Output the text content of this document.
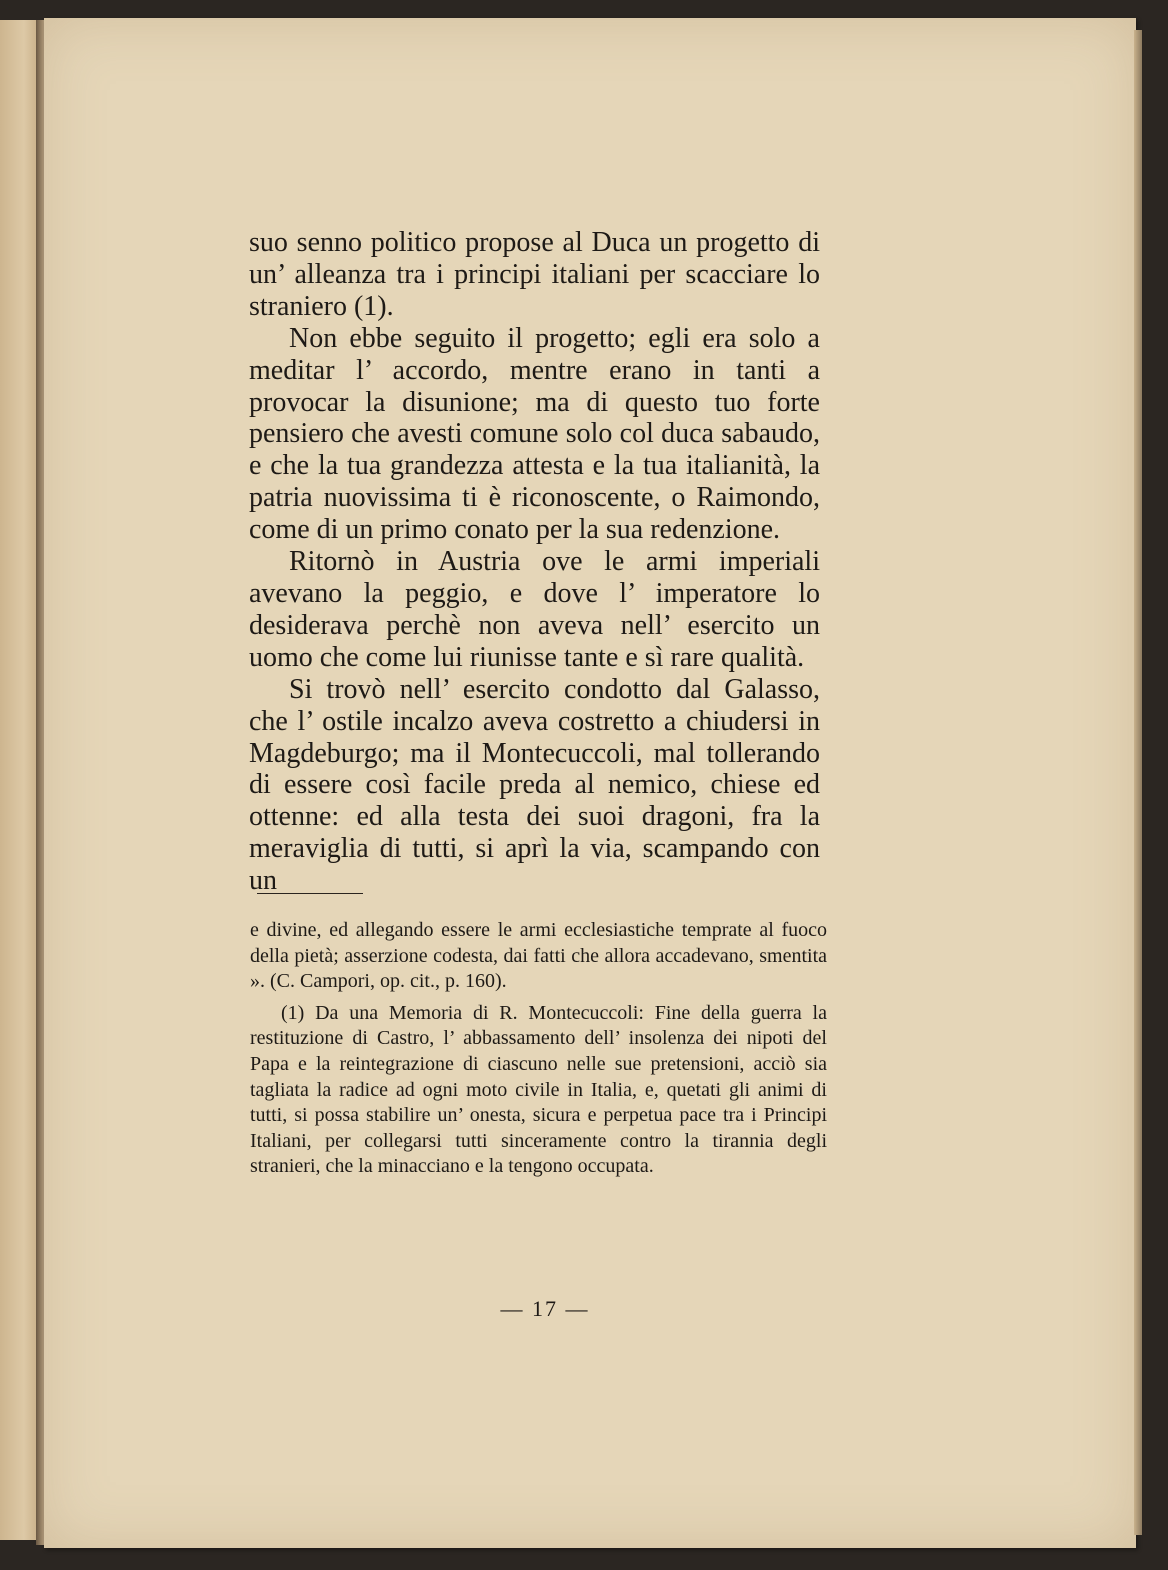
suo senno politico propose al Duca un progetto di un’ alleanza tra i principi italiani per scacciare lo straniero (1).

Non ebbe seguito il progetto; egli era solo a meditar l’ accordo, mentre erano in tanti a provocar la disunione; ma di questo tuo forte pensiero che avesti comune solo col duca sabaudo, e che la tua grandezza attesta e la tua italianità, la patria nuovissima ti è riconoscente, o Raimondo, come di un primo conato per la sua redenzione.

Ritornò in Austria ove le armi imperiali avevano la peggio, e dove l’ imperatore lo desiderava perchè non aveva nell’ esercito un uomo che come lui riunisse tante e sì rare qualità.

Si trovò nell’ esercito condotto dal Galasso, che l’ ostile incalzo aveva costretto a chiudersi in Magdeburgo; ma il Montecuccoli, mal tollerando di essere così facile preda al nemico, chiese ed ottenne: ed alla testa dei suoi dragoni, fra la meraviglia di tutti, si aprì la via, scampando con un

e divine, ed allegando essere le armi ecclesiastiche temprate al fuoco della pietà; asserzione codesta, dai fatti che allora accadevano, smentita ». (C. Campori, op. cit., p. 160).

(1) Da una Memoria di R. Montecuccoli: Fine della guerra la restituzione di Castro, l’ abbassamento dell’ insolenza dei nipoti del Papa e la reintegrazione di ciascuno nelle sue pretensioni, acciò sia tagliata la radice ad ogni moto civile in Italia, e, quetati gli animi di tutti, si possa stabilire un’ onesta, sicura e perpetua pace tra i Principi Italiani, per collegarsi tutti sinceramente contro la tirannia degli stranieri, che la minacciano e la tengono occupata.

— 17 —
